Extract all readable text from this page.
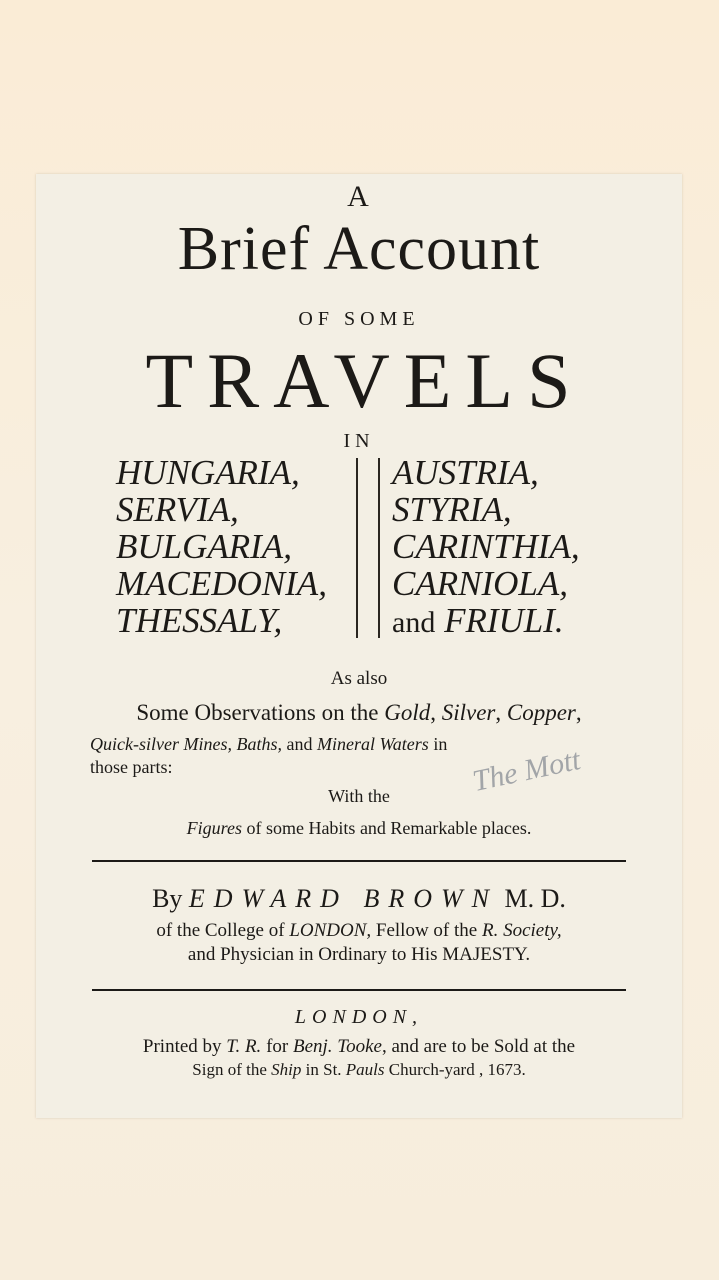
A
Brief Account
OF SOME
TRAVELS
IN
HUNGARIA,
SERVIA,
BULGARIA,
MACEDONIA,
THESSALY,
AUSTRIA,
STYRIA,
CARINTHIA,
CARNIOLA,
and FRIULI.
As also
Some Observations on the Gold, Silver, Copper,
Quick-silver Mines, Baths, and Mineral Waters in
those parts:	The Mott
With the
Figures of some Habits and Remarkable places.
By EDWARD BROWN M. D.
of the College of LONDON, Fellow of the R. Society,
and Physician in Ordinary to His MAJESTY.
LONDON,
Printed by T. R. for Benj. Tooke, and are to be Sold at the
Sign of the Ship in St. Pauls Church-yard , 1673.
